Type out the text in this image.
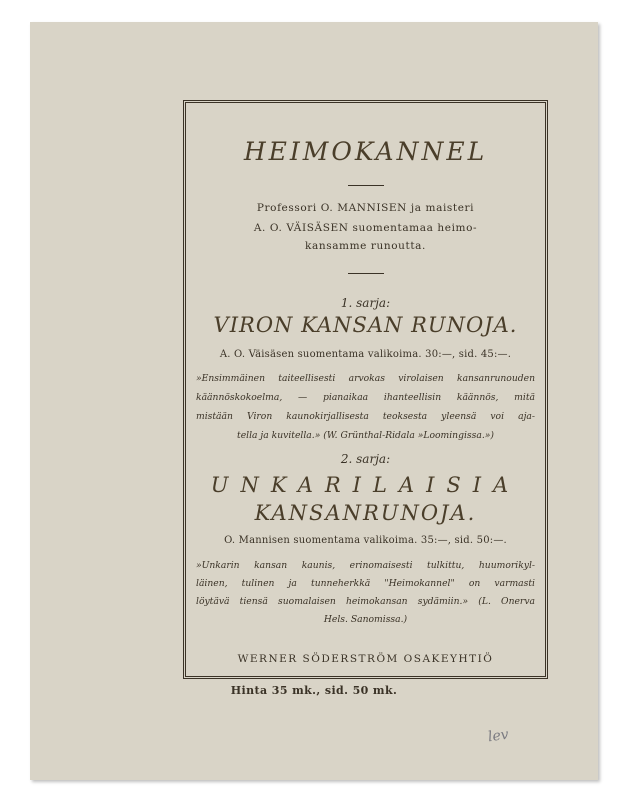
HEIMOKANNEL
Professori O. MANNISEN ja maisteri
A. O. VÄISÄSEN suomentamaa heimo-
kansamme runoutta.
1. sarja:
VIRON KANSAN RUNOJA.
A. O. Väisäsen suomentama valikoima. 30:—, sid. 45:—.
»Ensimmäinen taiteellisesti arvokas virolaisen kansanrunouden
käännöskokoelma, — pianaikaa ihanteellisin käännös, mitä
mistään Viron kaunokirjallisesta teoksesta yleensä voi aja-
tella ja kuvitella.» (W. Grünthal-Ridala »Loomingissa.»)
2. sarja:
UNKARILAISIA
KANSANRUNOJA.
O. Mannisen suomentama valikoima. 35:—, sid. 50:—.
»Unkarin kansan kaunis, erinomaisesti tulkittu, huumorikyl-
läinen, tulinen ja tunneherkkä "Heimokannel" on varmasti
löytävä tiensä suomalaisen heimokansan sydämiin.» (L. Onerva
Hels. Sanomissa.)
WERNER SÖDERSTRÖM OSAKEYHTIÖ
Hinta 35 mk., sid. 50 mk.
lev
